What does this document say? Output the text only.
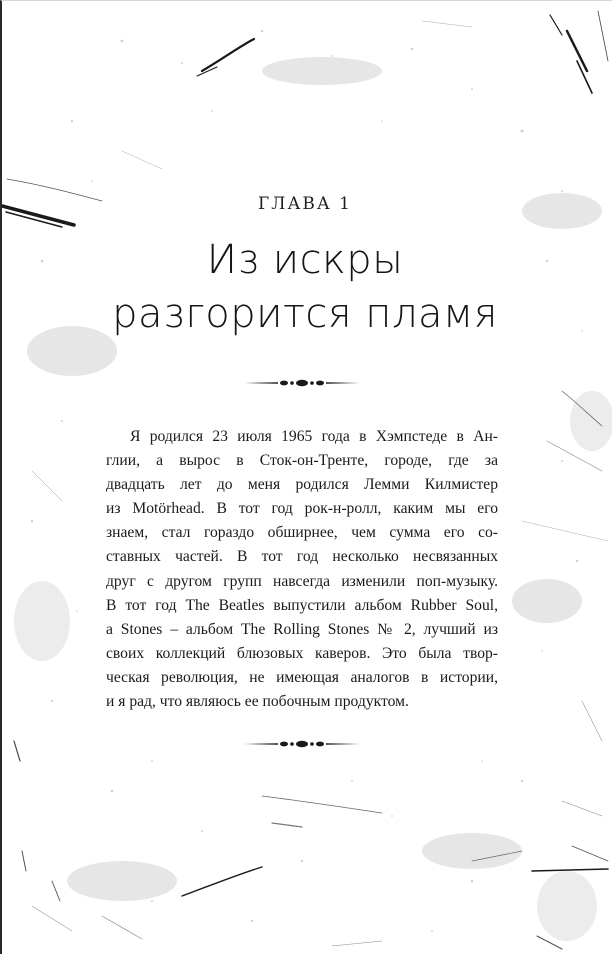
ГЛАВА 1
Из искры
разгорится пламя
Я родился 23 июля 1965 года в Хэмпстеде в Ан-
глии, а вырос в Сток-он-Тренте, городе, где за
двадцать лет до меня родился Лемми Килмистер
из Motörhead. В тот год рок-н-ролл, каким мы его
знаем, стал гораздо обширнее, чем сумма его со-
ставных частей. В тот год несколько несвязанных
друг с другом групп навсегда изменили поп-музыку.
В тот год The Beatles выпустили альбом Rubber Soul,
а Stones – альбом The Rolling Stones № 2, лучший из
своих коллекций блюзовых каверов. Это была твор-
ческая революция, не имеющая аналогов в истории,
и я рад, что являюсь ее побочным продуктом.
